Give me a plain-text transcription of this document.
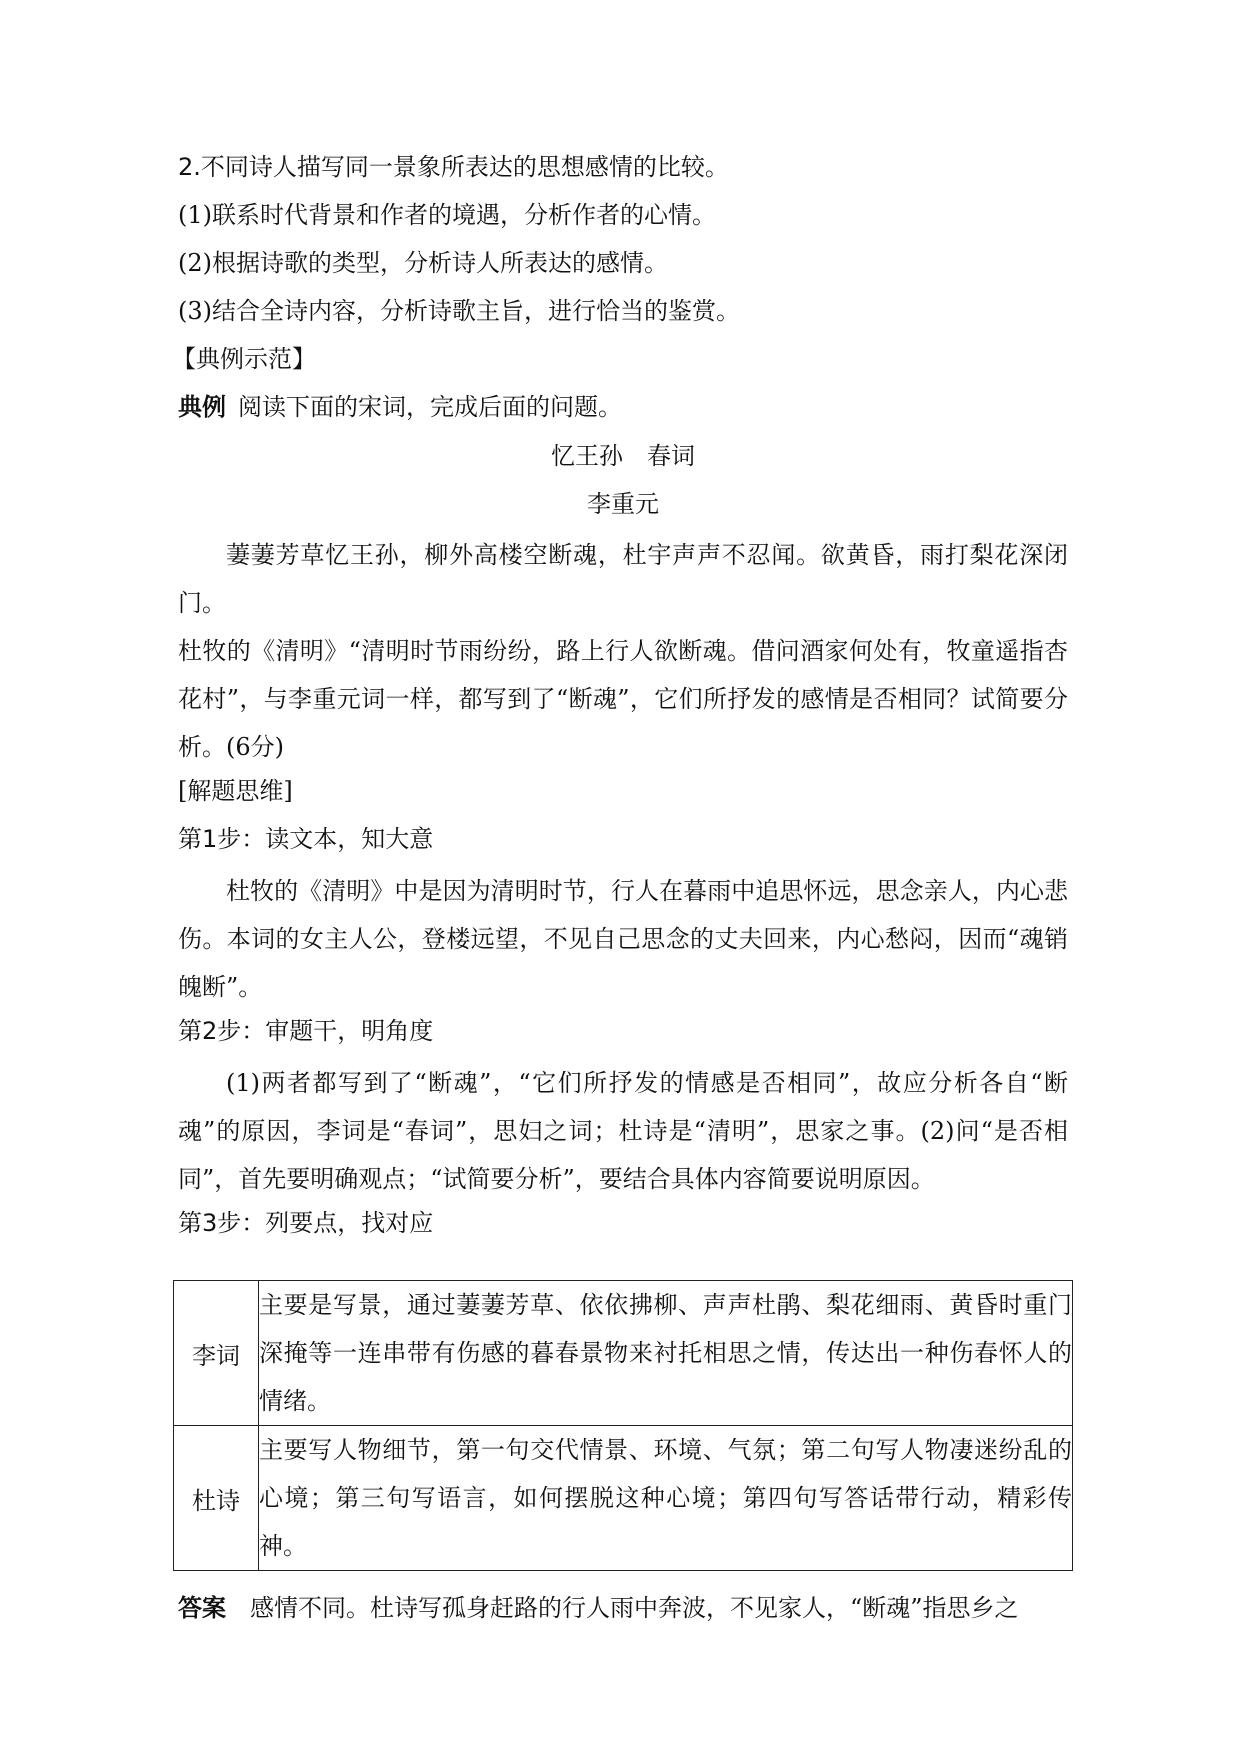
2.不同诗人描写同一景象所表达的思想感情的比较。
(1)联系时代背景和作者的境遇，分析作者的心情。
(2)根据诗歌的类型，分析诗人所表达的感情。
(3)结合全诗内容，分析诗歌主旨，进行恰当的鉴赏。
【典例示范】
典例 阅读下面的宋词，完成后面的问题。
忆王孙　春词
李重元
萋萋芳草忆王孙，柳外高楼空断魂，杜宇声声不忍闻。欲黄昏，雨打梨花深闭门。
杜牧的《清明》“清明时节雨纷纷，路上行人欲断魂。借问酒家何处有，牧童遥指杏花村”，与李重元词一样，都写到了“断魂”，它们所抒发的感情是否相同？试简要分析。(6分)
[解题思维]
第1步：读文本，知大意
杜牧的《清明》中是因为清明时节，行人在暮雨中追思怀远，思念亲人，内心悲伤。本词的女主人公，登楼远望，不见自己思念的丈夫回来，内心愁闷，因而“魂销魄断”。
第2步：审题干，明角度
(1)两者都写到了“断魂”，“它们所抒发的情感是否相同”，故应分析各自“断魂”的原因，李词是“春词”，思妇之词；杜诗是“清明”，思家之事。(2)问“是否相同”，首先要明确观点；“试简要分析”，要结合具体内容简要说明原因。
第3步：列要点，找对应
李词	主要是写景，通过萋萋芳草、依依拂柳、声声杜鹃、梨花细雨、黄昏时重门深掩等一连串带有伤感的暮春景物来衬托相思之情，传达出一种伤春怀人的情绪。
杜诗	主要写人物细节，第一句交代情景、环境、气氛；第二句写人物凄迷纷乱的心境；第三句写语言，如何摆脱这种心境；第四句写答话带行动，精彩传神。
答案 感情不同。杜诗写孤身赶路的行人雨中奔波，不见家人，“断魂”指思乡之
